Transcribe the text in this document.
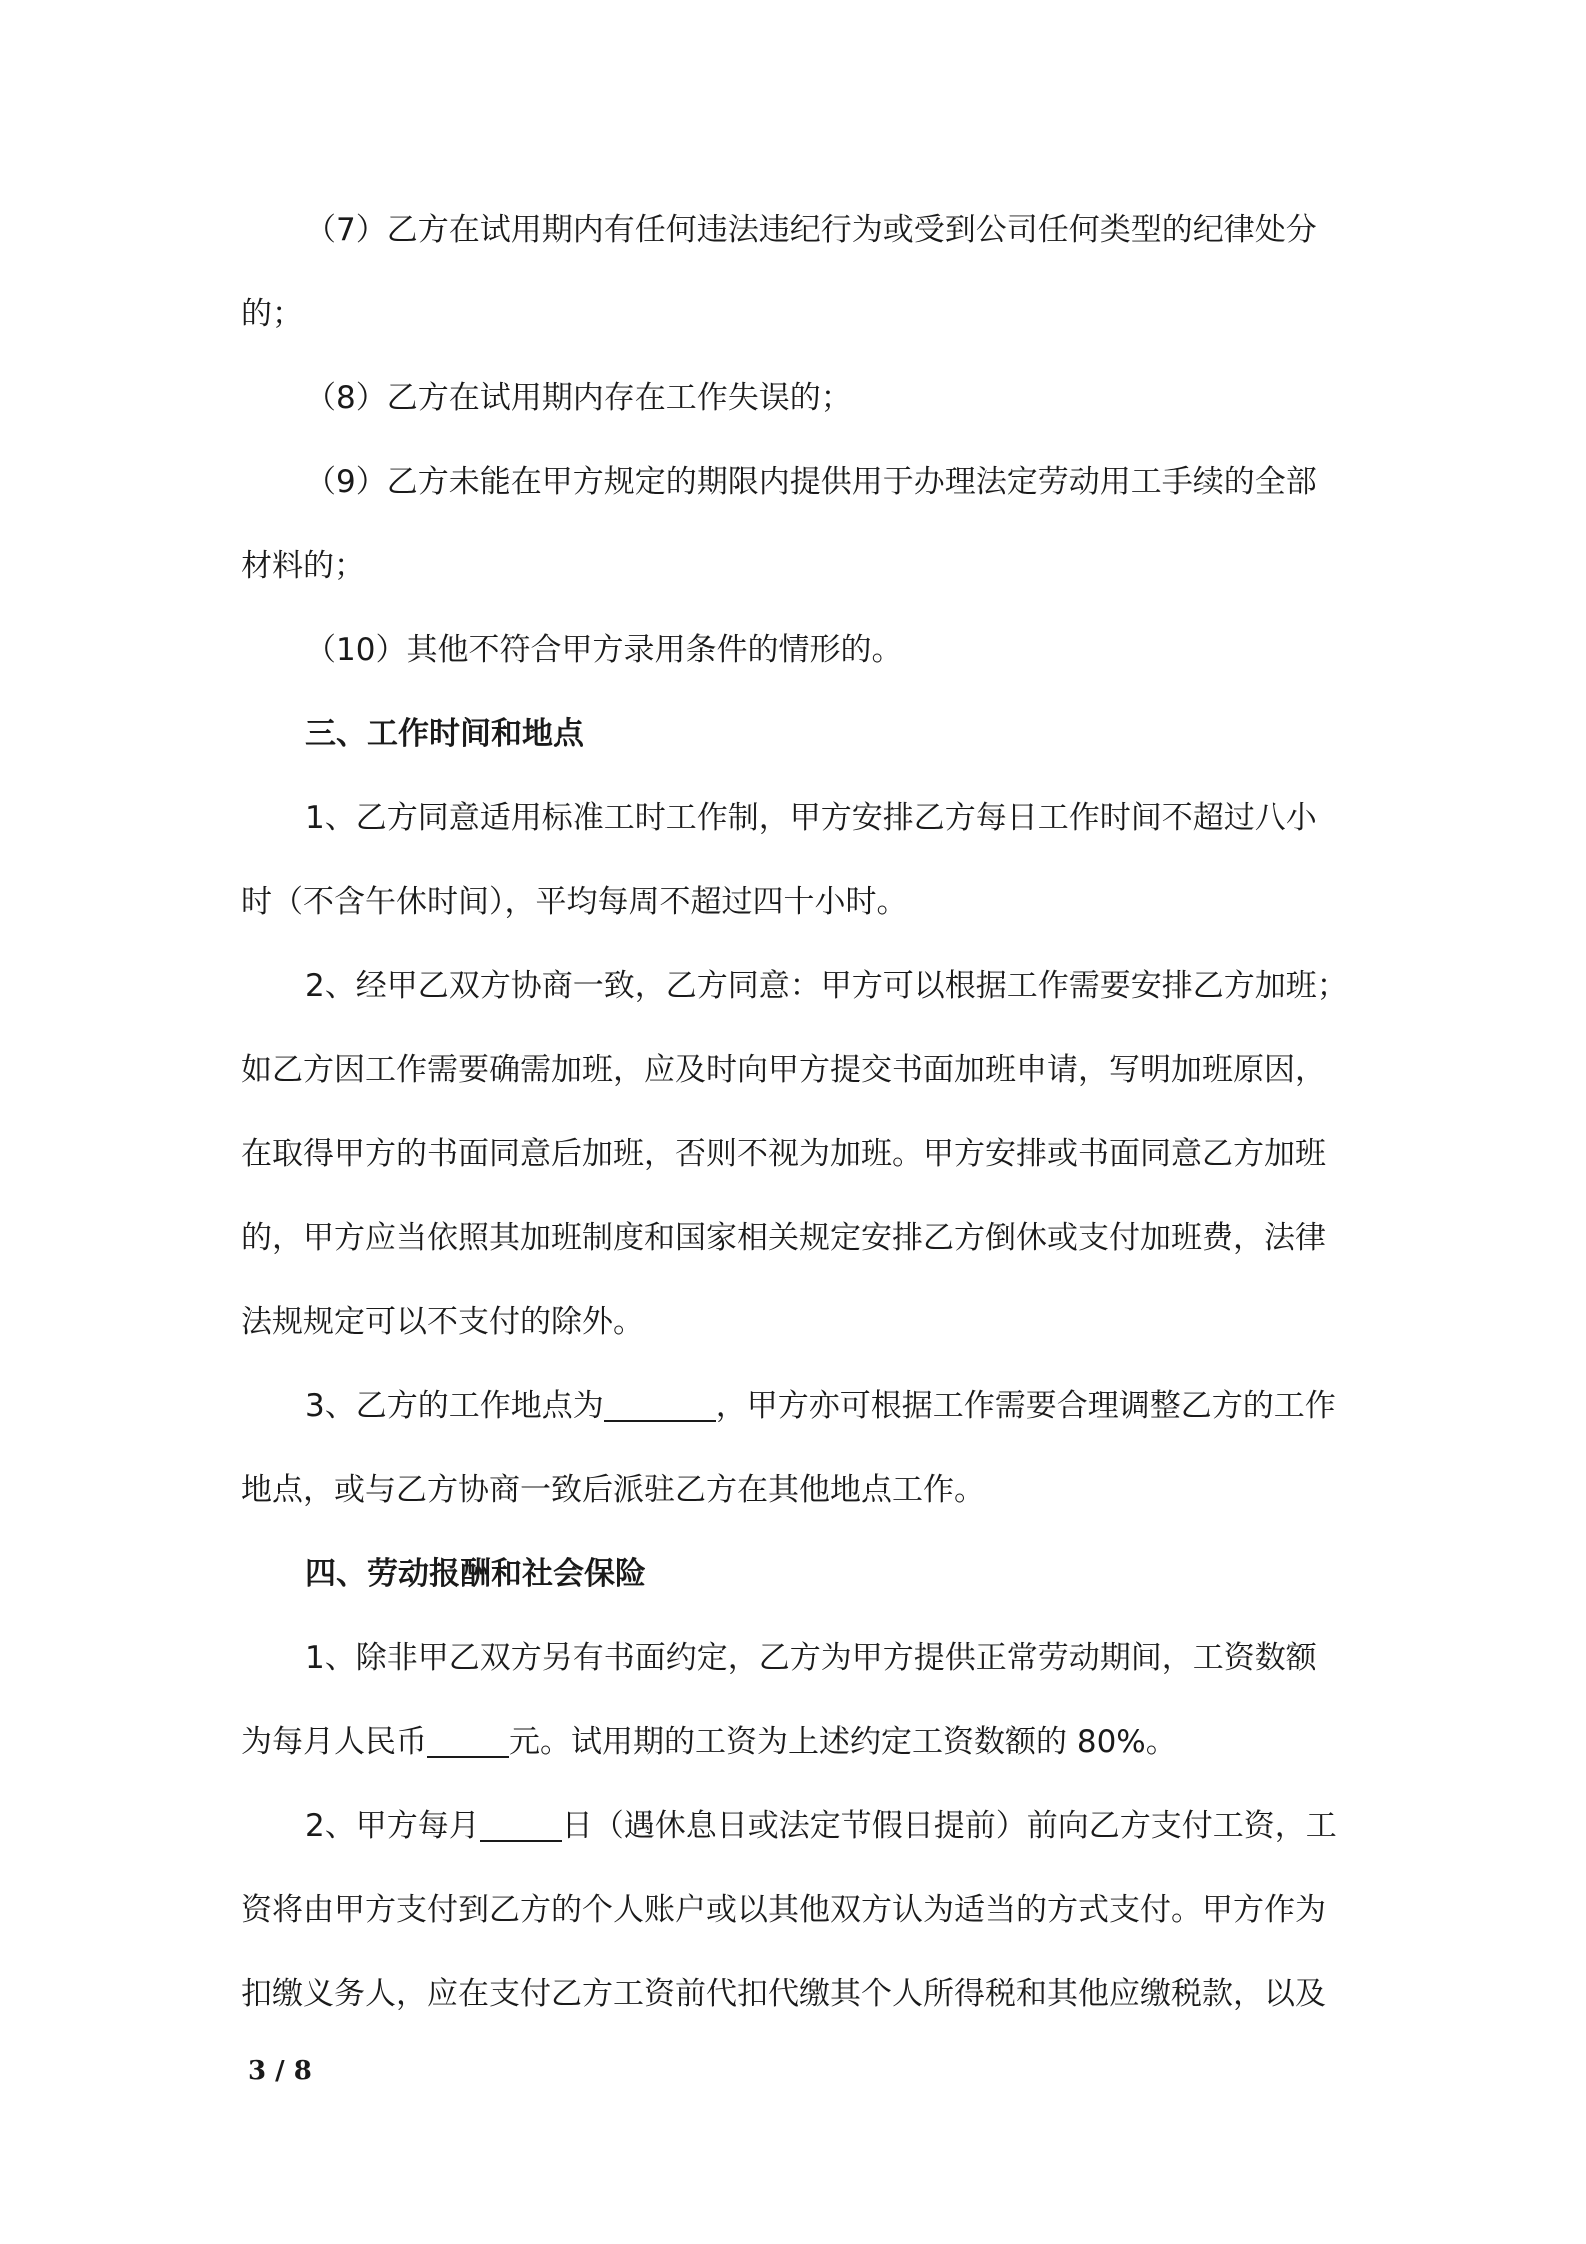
（7）乙方在试用期内有任何违法违纪行为或受到公司任何类型的纪律处分
的；
（8）乙方在试用期内存在工作失误的；
（9）乙方未能在甲方规定的期限内提供用于办理法定劳动用工手续的全部
材料的；
（10）其他不符合甲方录用条件的情形的。
三、工作时间和地点
1、乙方同意适用标准工时工作制，甲方安排乙方每日工作时间不超过八小
时（不含午休时间），平均每周不超过四十小时。
2、经甲乙双方协商一致，乙方同意：甲方可以根据工作需要安排乙方加班；
如乙方因工作需要确需加班，应及时向甲方提交书面加班申请，写明加班原因，
在取得甲方的书面同意后加班，否则不视为加班。甲方安排或书面同意乙方加班
的，甲方应当依照其加班制度和国家相关规定安排乙方倒休或支付加班费，法律
法规规定可以不支付的除外。
3、乙方的工作地点为	，甲方亦可根据工作需要合理调整乙方的工作
地点，或与乙方协商一致后派驻乙方在其他地点工作。
四、劳动报酬和社会保险
1、除非甲乙双方另有书面约定，乙方为甲方提供正常劳动期间，工资数额
为每月人民币	元。试用期的工资为上述约定工资数额的 80%。
2、甲方每月	日（遇休息日或法定节假日提前）前向乙方支付工资，工
资将由甲方支付到乙方的个人账户或以其他双方认为适当的方式支付。甲方作为
扣缴义务人，应在支付乙方工资前代扣代缴其个人所得税和其他应缴税款，以及
3 / 8
